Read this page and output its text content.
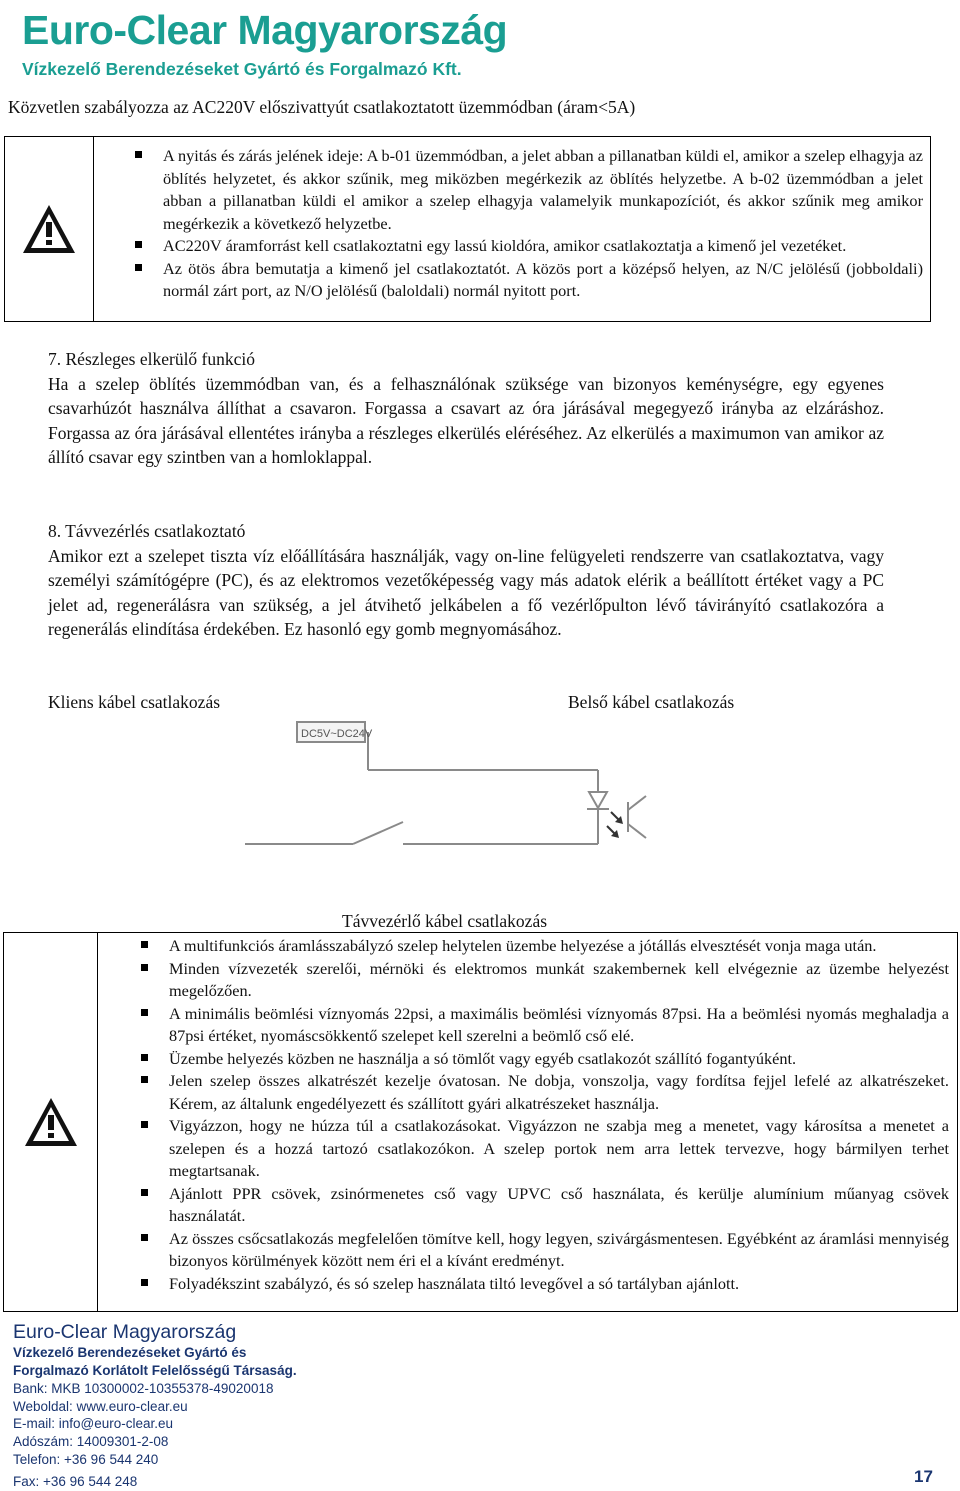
Euro-Clear Magyarország
Vízkezelő Berendezéseket Gyártó és Forgalmazó Kft.
Közvetlen szabályozza az AC220V előszivattyút csatlakoztatott üzemmódban (áram<5A)
A nyitás és zárás jelének ideje: A b-01 üzemmódban, a jelet abban a pillanatban küldi el, amikor a szelep elhagyja az öblítés helyzetet, és akkor szűnik, meg miközben megérkezik az öblítés helyzetbe. A b-02 üzemmódban a jelet abban a pillanatban küldi el amikor a szelep elhagyja valamelyik munkapozíciót, és akkor szűnik meg amikor megérkezik a következő helyzetbe.
AC220V áramforrást kell csatlakoztatni egy lassú kioldóra, amikor csatlakoztatja a kimenő jel vezetéket.
Az ötös ábra bemutatja a kimenő jel csatlakoztatót. A közös port a középső helyen, az N/C jelölésű (jobboldali) normál zárt port, az N/O jelölésű (baloldali) normál nyitott port.
7. Részleges elkerülő funkció
Ha a szelep öblítés üzemmódban van, és a felhasználónak szüksége van bizonyos keménységre, egy egyenes csavarhúzót használva állíthat a csavaron. Forgassa a csavart az óra járásával megegyező irányba az elzáráshoz. Forgassa az óra járásával ellentétes irányba a részleges elkerülés eléréséhez. Az elkerülés a maximumon van amikor az állító csavar egy szintben van a homloklappal.
8. Távvezérlés csatlakoztató
Amikor ezt a szelepet tiszta víz előállítására használják, vagy on-line felügyeleti rendszerre van csatlakoztatva, vagy személyi számítógépre (PC), és az elektromos vezetőképesség vagy más adatok elérik a beállított értéket vagy a PC jelet ad, regenerálásra van szükség, a jel átvihető jelkábelen a fő vezérlőpulton lévő távirányító csatlakozóra a regenerálás elindítása érdekében. Ez hasonló egy gomb megnyomásához.
Kliens kábel csatlakozás	Belső kábel csatlakozás
DC5V~DC24V
Távvezérlő kábel csatlakozás
A multifunkciós áramlásszabályzó szelep helytelen üzembe helyezése a jótállás elvesztését vonja maga után.
Minden vízvezeték szerelői, mérnöki és elektromos munkát szakembernek kell elvégeznie az üzembe helyezést megelőzően.
A minimális beömlési víznyomás 22psi, a maximális beömlési víznyomás 87psi. Ha a beömlési nyomás meghaladja a 87psi értéket, nyomáscsökkentő szelepet kell szerelni a beömlő cső elé.
Üzembe helyezés közben ne használja a só tömlőt vagy egyéb csatlakozót szállító fogantyúként.
Jelen szelep összes alkatrészét kezelje óvatosan. Ne dobja, vonszolja, vagy fordítsa fejjel lefelé az alkatrészeket. Kérem, az általunk engedélyezett és szállított gyári alkatrészeket használja.
Vigyázzon, hogy ne húzza túl a csatlakozásokat. Vigyázzon ne szabja meg a menetet, vagy károsítsa a menetet a szelepen és a hozzá tartozó csatlakozókon. A szelep portok nem arra lettek tervezve, hogy bármilyen terhet megtartsanak.
Ajánlott PPR csövek, zsinórmenetes cső vagy UPVC cső használata, és kerülje alumínium műanyag csövek használatát.
Az összes csőcsatlakozás megfelelően tömítve kell, hogy legyen, szivárgásmentesen. Egyébként az áramlási mennyiség bizonyos körülmények között nem éri el a kívánt eredményt.
Folyadékszint szabályzó, és só szelep használata tiltó levegővel a só tartályban ajánlott.
Euro-Clear Magyarország
Vízkezelő Berendezéseket Gyártó és
Forgalmazó Korlátolt Felelősségű Társaság.
Bank: MKB 10300002-10355378-49020018
Weboldal: www.euro-clear.eu
E-mail: info@euro-clear.eu
Adószám: 14009301-2-08
Telefon: +36 96 544 240
Fax: +36 96 544 248	17
